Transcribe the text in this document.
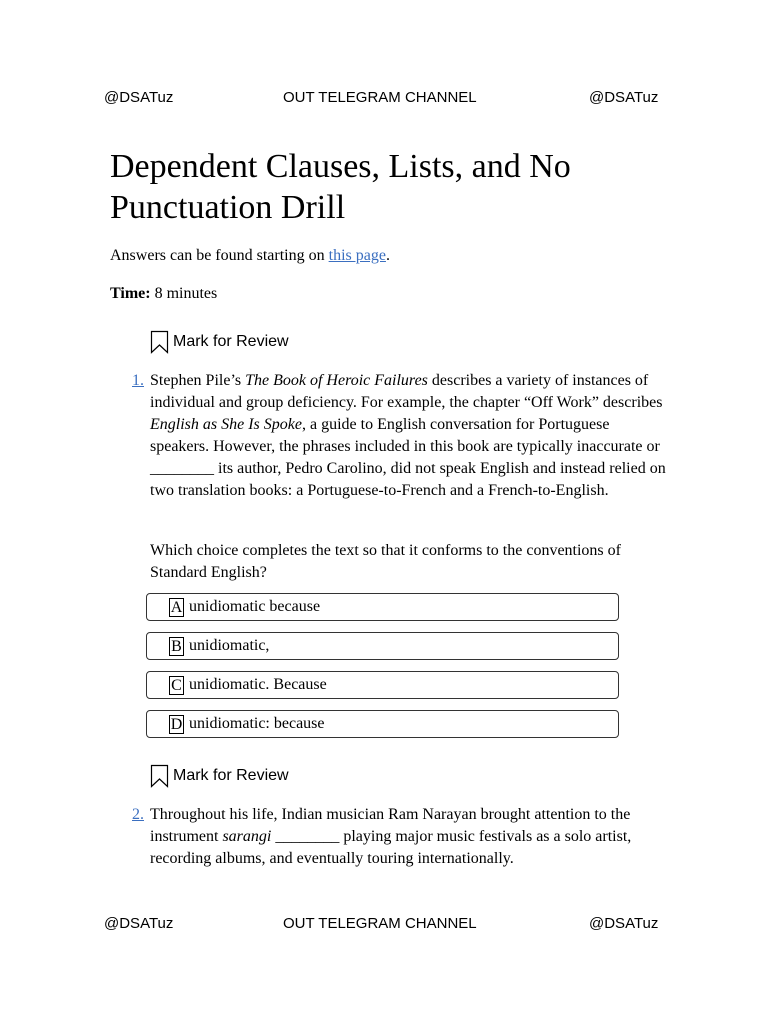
@DSATuz	OUT TELEGRAM CHANNEL	@DSATuz
Dependent Clauses, Lists, and No Punctuation Drill

Answers can be found starting on this page.

Time: 8 minutes

Mark for Review
1. Stephen Pile’s The Book of Heroic Failures describes a variety of instances of individual and group deficiency. For example, the chapter “Off Work” describes English as She Is Spoke, a guide to English conversation for Portuguese speakers. However, the phrases included in this book are typically inaccurate or ________ its author, Pedro Carolino, did not speak English and instead relied on two translation books: a Portuguese-to-French and a French-to-English.

Which choice completes the text so that it conforms to the conventions of Standard English?

A unidiomatic because
B unidiomatic,
C unidiomatic. Because
D unidiomatic: because
Mark for Review
2. Throughout his life, Indian musician Ram Narayan brought attention to the instrument sarangi ________ playing major music festivals as a solo artist, recording albums, and eventually touring internationally.

@DSATuz	OUT TELEGRAM CHANNEL	@DSATuz
